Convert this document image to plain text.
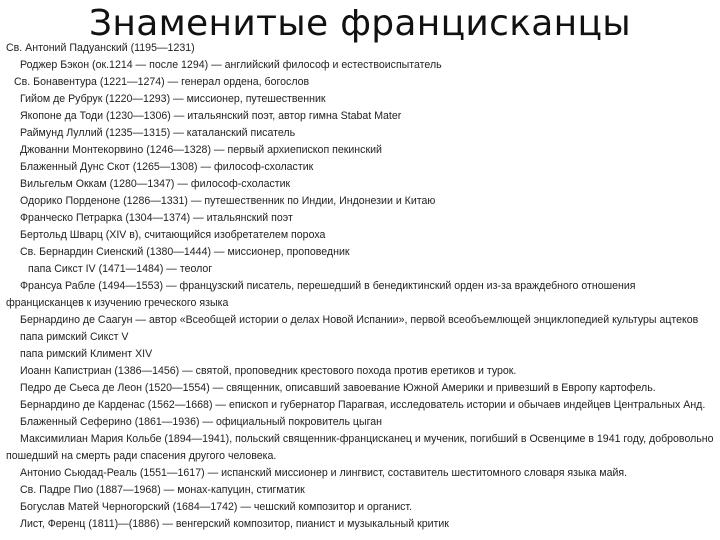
Знаменитые францисканцы

Св. Антоний Падуанский (1195—1231)

Роджер Бэкон (ок.1214 — после 1294) — английский философ и естествоиспытатель

Св. Бонавентура (1221—1274) — генерал ордена, богослов

Гийом де Рубрук (1220—1293) — миссионер, путешественник

Якопоне да Тоди (1230—1306) — итальянский поэт, автор гимна Stabat Mater

Раймунд Луллий (1235—1315) — каталанский писатель

Джованни Монтекорвино (1246—1328) — первый архиепископ пекинский

Блаженный Дунс Скот (1265—1308) — философ-схоластик

Вильгельм Оккам (1280—1347) — философ-схоластик

Одорико Порденоне (1286—1331) — путешественник по Индии, Индонезии и Китаю

Франческо Петрарка (1304—1374) — итальянский поэт

Бертольд Шварц (XIV в), считающийся изобретателем пороха

Св. Бернардин Сиенский (1380—1444) — миссионер, проповедник

папа Сикст IV (1471—1484) — теолог

Франсуа Рабле (1494—1553) — французский писатель, перешедший в бенедиктинский орден из-за враждебного отношения францисканцев к изучению греческого языка

Бернардино де Саагун — автор «Всеобщей истории о делах Новой Испании», первой всеобъемлющей энциклопедией культуры ацтеков

папа римский Сикст V

папа римский Климент XIV

Иоанн Капистриан (1386—1456) — святой, проповедник крестового похода против еретиков и турок.

Педро де Сьеса де Леон (1520—1554) — священник, описавший завоевание Южной Америки и привезший в Европу картофель.

Бернардино де Карденас (1562—1668) — епископ и губернатор Парагвая, исследователь истории и обычаев индейцев Центральных Анд.

Блаженный Сеферино (1861—1936) — официальный покровитель цыган

Максимилиан Мария Кольбе (1894—1941), польский священник-францисканец и мученик, погибший в Освенциме в 1941 году, добровольно пошедший на смерть ради спасения другого человека.

Антонио Сьюдад-Реаль (1551—1617) — испанский миссионер и лингвист, составитель шеститомного словаря языка майя.

Св. Падре Пио (1887—1968) — монах-капуцин, стигматик

Богуслав Матей Черногорский (1684—1742) — чешский композитор и органист.

Лист, Ференц (1811)—(1886) — венгерский композитор, пианист и музыкальный критик
